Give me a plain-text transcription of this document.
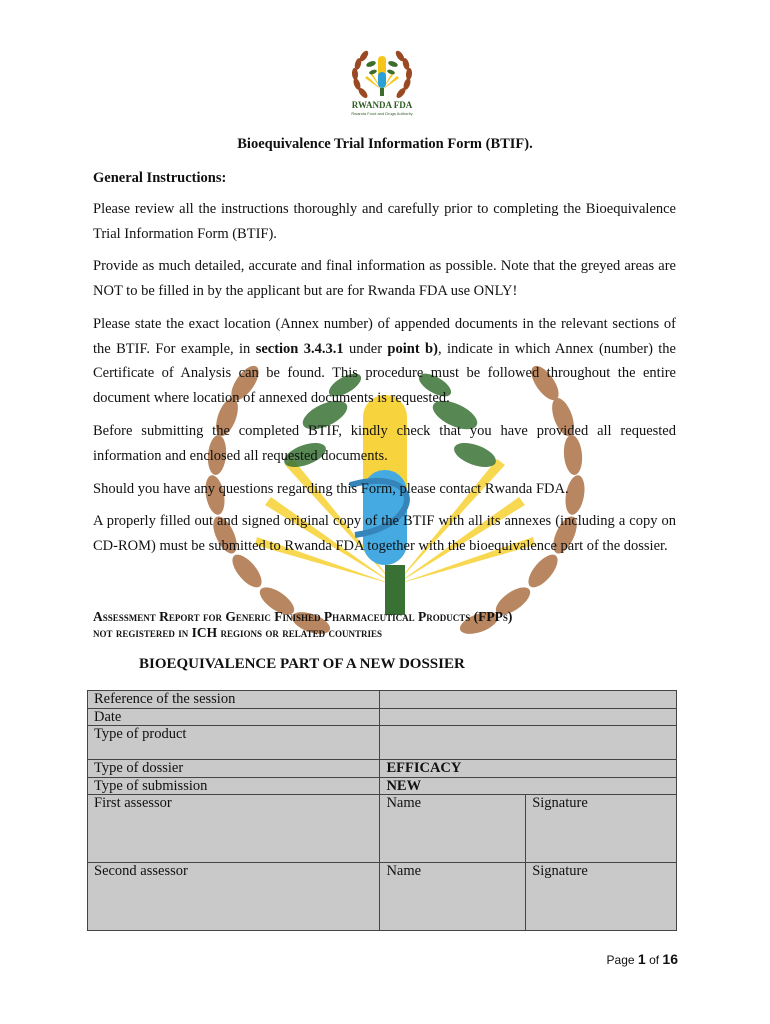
RWANDA FDA
Rwanda Food and Drugs Authority
Bioequivalence Trial Information Form (BTIF).
General Instructions:
Please review all the instructions thoroughly and carefully prior to completing the Bioequivalence Trial Information Form (BTIF).
Provide as much detailed, accurate and final information as possible. Note that the greyed areas are NOT to be filled in by the applicant but are for Rwanda FDA use ONLY!
Please state the exact location (Annex number) of appended documents in the relevant sections of the BTIF. For example, in section 3.4.3.1 under point b), indicate in which Annex (number) the Certificate of Analysis can be found. This procedure must be followed throughout the entire document where location of annexed documents is requested.
Before submitting the completed BTIF, kindly check that you have provided all requested information and enclosed all requested documents.
Should you have any questions regarding this Form, please contact Rwanda FDA.
A properly filled out and signed original copy of the BTIF with all its annexes (including a copy on CD-ROM) must be submitted to Rwanda FDA together with the bioequivalence part of the dossier.
Assessment Report for Generic Finished Pharmaceutical Products (FPPs)
not registered in ICH regions or related countries
BIOEQUIVALENCE PART OF A NEW DOSSIER
Reference of the session		
Date		
Type of product		
Type of dossier	EFFICACY	
Type of submission	NEW	
First assessor	Name	Signature
Second assessor	Name	Signature
Page 1 of 16
